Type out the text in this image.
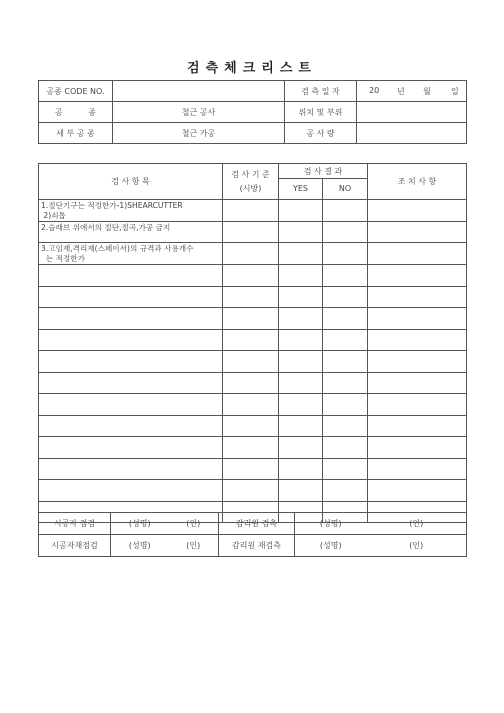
검측체크리스트
공종 CODE NO.		검 측 일 자	20 년 월 일

공          종	철근 공사	위치 및 부위	
세 부 공 종	철근 가공	공 사 량	
검 사 항 목	검 사 기 준
(시방)	검 사 결 과		조 치 사 항
		YES	NO	
1.절단기구는 적정한가-1)SHEARCUTTER
2)쇠톱				
2.슬래브 위에서의 절단,절곡,가공 금지				
3.고임재,격리재(스페이서)의 규격과 사용개수
는 적정한가				

시공자 점검	(성명)	(인)	감리원 검측	(성명)	(인)
시공자재점검	(성명)	(인)	감리원 재검측	(성명)	(인)
